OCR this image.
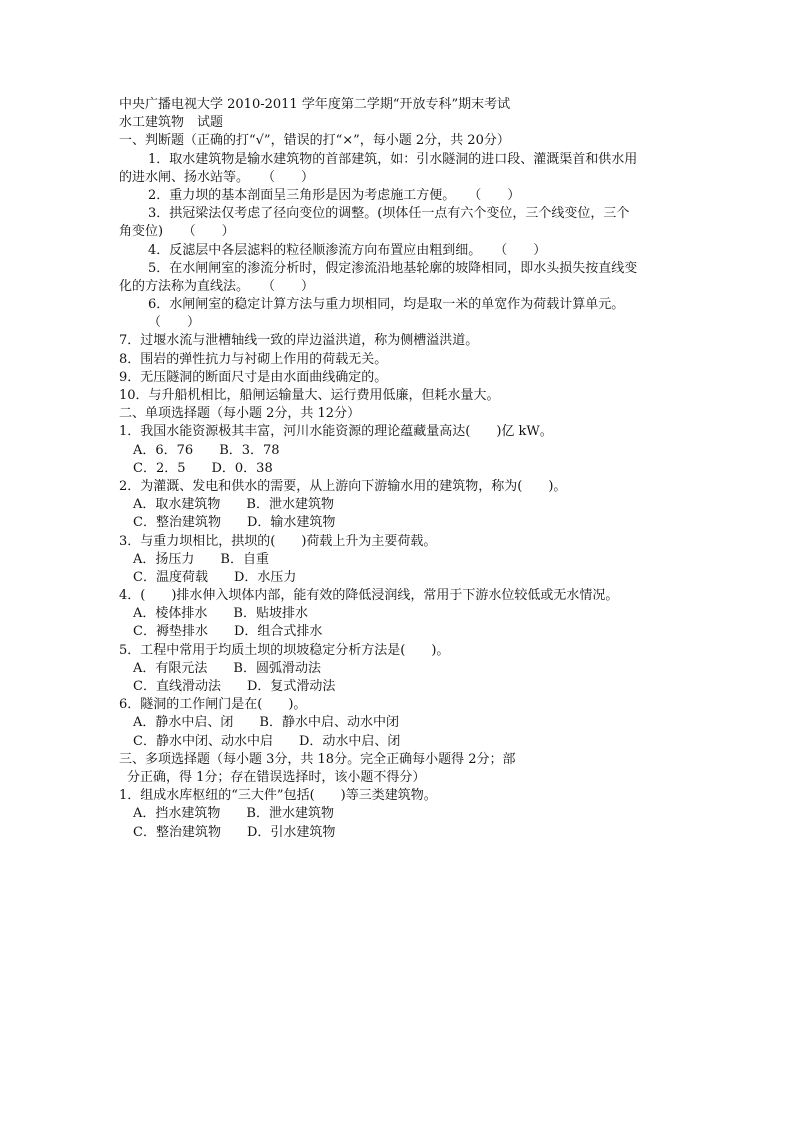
中央广播电视大学 2010-2011 学年度第二学期“开放专科”期末考试
水工建筑物　试题
一、判断题（正确的打“√”，错误的打“×”，每小题 2分，共 20分）
1．取水建筑物是输水建筑物的首部建筑，如：引水隧洞的进口段、灌溉渠首和供水用
的进水闸、扬水站等。　　（　　）
2．重力坝的基本剖面呈三角形是因为考虑施工方便。　　（　　）
3．拱冠梁法仅考虑了径向变位的调整。(坝体任一点有六个变位，三个线变位，三个
角变位)　　（　　）
4．反滤层中各层滤料的粒径顺渗流方向布置应由粗到细。　　（　　）
5．在水闸闸室的渗流分析时，假定渗流沿地基轮廓的坡降相同，即水头损失按直线变
化的方法称为直线法。　　（　　）
6．水闸闸室的稳定计算方法与重力坝相同，均是取一米的单宽作为荷载计算单元。
（　　）
7．过堰水流与泄槽轴线一致的岸边溢洪道，称为侧槽溢洪道。
8．围岩的弹性抗力与衬砌上作用的荷载无关。
9．无压隧洞的断面尺寸是由水面曲线确定的。
10．与升船机相比，船闸运输量大、运行费用低廉，但耗水量大。
二、单项选择题（每小题 2分，共 12分）
1．我国水能资源极其丰富，河川水能资源的理论蕴藏量高达(　　)亿 kW。
A．6．76　　B．3．78
C．2．5　　D．0．38
2．为灌溉、发电和供水的需要，从上游向下游输水用的建筑物，称为(　　)。
A．取水建筑物　　B．泄水建筑物
C．整治建筑物　　D．输水建筑物
3．与重力坝相比，拱坝的(　　)荷载上升为主要荷载。
A．扬压力　　B．自重
C．温度荷载　　D．水压力
4．(　　)排水伸入坝体内部，能有效的降低浸润线，常用于下游水位较低或无水情况。
A．棱体排水　　B．贴坡排水
C．褥垫排水　　D．组合式排水
5．工程中常用于均质土坝的坝坡稳定分析方法是(　　)。
A．有限元法　　B．圆弧滑动法
C．直线滑动法　　D．复式滑动法
6．隧洞的工作闸门是在(　　)。
A．静水中启、闭　　B．静水中启、动水中闭
C．静水中闭、动水中启　　D．动水中启、闭
三、多项选择题（每小题 3分，共 18分。完全正确每小题得 2分；部
分正确，得 1分；存在错误选择时，该小题不得分）
1．组成水库枢纽的“三大件”包括(　　)等三类建筑物。
A．挡水建筑物　　B．泄水建筑物
C．整治建筑物　　D．引水建筑物
